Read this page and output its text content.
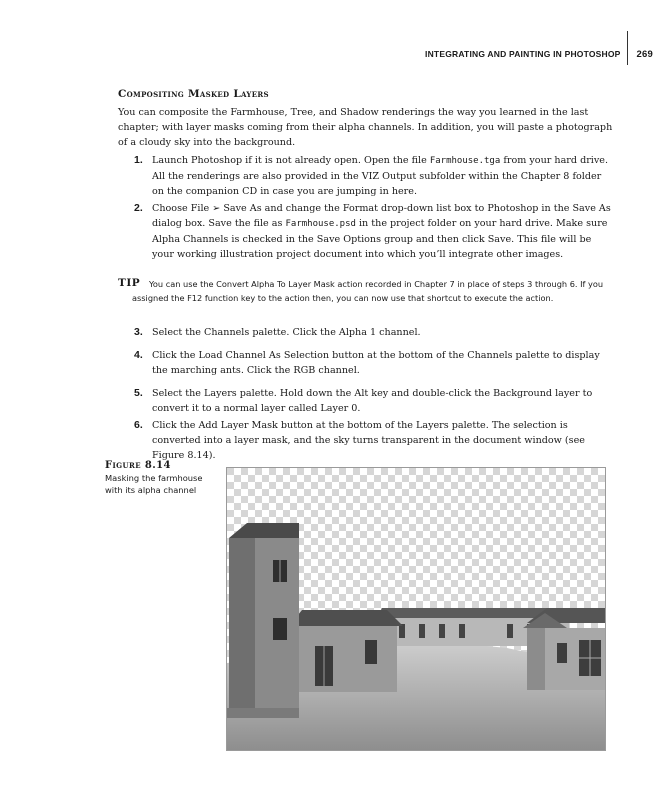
INTEGRATING AND PAINTING IN PHOTOSHOP 269
Compositing Masked Layers

You can composite the Farmhouse, Tree, and Shadow renderings the way you learned in the last chapter; with layer masks coming from their alpha channels. In addition, you will paste a photograph of a cloudy sky into the background.

1. Launch Photoshop if it is not already open. Open the file Farmhouse.tga from your hard drive. All the renderings are also provided in the VIZ Output subfolder within the Chapter 8 folder on the companion CD in case you are jumping in here.
2. Choose File ➢ Save As and change the Format drop-down list box to Photoshop in the Save As dialog box. Save the file as Farmhouse.psd in the project folder on your hard drive. Make sure Alpha Channels is checked in the Save Options group and then click Save. This file will be your working illustration project document into which you’ll integrate other images.
TIP	You can use the Convert Alpha To Layer Mask action recorded in Chapter 7 in place of steps 3 through 6. If you assigned the F12 function key to the action then, you can now use that shortcut to execute the action.
3. Select the Channels palette. Click the Alpha 1 channel.
4. Click the Load Channel As Selection button at the bottom of the Channels palette to display the marching ants. Click the RGB channel.
5. Select the Layers palette. Hold down the Alt key and double-click the Background layer to convert it to a normal layer called Layer 0.
6. Click the Add Layer Mask button at the bottom of the Layers palette. The selection is converted into a layer mask, and the sky turns transparent in the document window (see Figure 8.14).
Figure 8.14
Masking the farmhouse with its alpha channel
